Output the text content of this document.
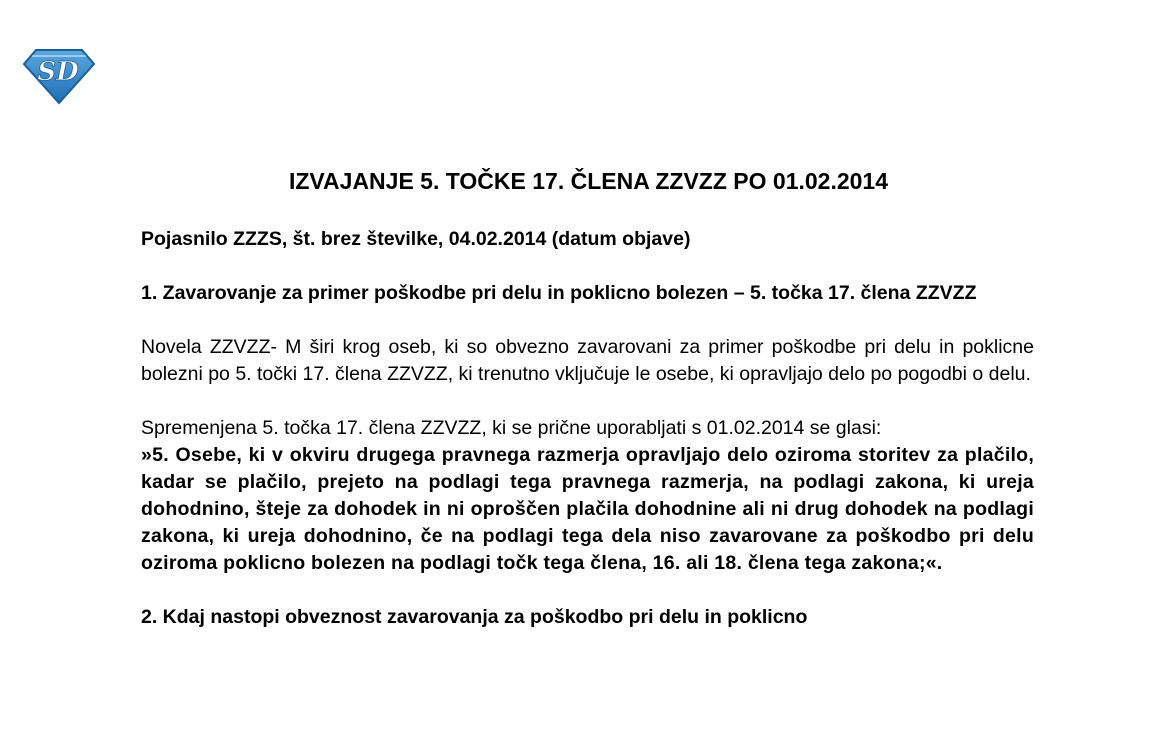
SD
IZVAJANJE 5. TOČKE 17. ČLENA ZZVZZ PO 01.02.2014

Pojasnilo ZZZS, št. brez številke, 04.02.2014 (datum objave)

1. Zavarovanje za primer poškodbe pri delu in poklicno bolezen – 5. točka 17. člena ZZVZZ

Novela ZZVZZ- M širi krog oseb, ki so obvezno zavarovani za primer poškodbe pri delu in poklicne bolezni po 5. točki 17. člena ZZVZZ, ki trenutno vključuje le osebe, ki opravljajo delo po pogodbi o delu.

Spremenjena 5. točka 17. člena ZZVZZ, ki se prične uporabljati s 01.02.2014 se glasi:

»5. Osebe, ki v okviru drugega pravnega razmerja opravljajo delo oziroma storitev za plačilo, kadar se plačilo, prejeto na podlagi tega pravnega razmerja, na podlagi zakona, ki ureja dohodnino, šteje za dohodek in ni oproščen plačila dohodnine ali ni drug dohodek na podlagi zakona, ki ureja dohodnino, če na podlagi tega dela niso zavarovane za poškodbo pri delu oziroma poklicno bolezen na podlagi točk tega člena, 16. ali 18. člena tega zakona;«.

2. Kdaj nastopi obveznost zavarovanja za poškodbo pri delu in poklicno
